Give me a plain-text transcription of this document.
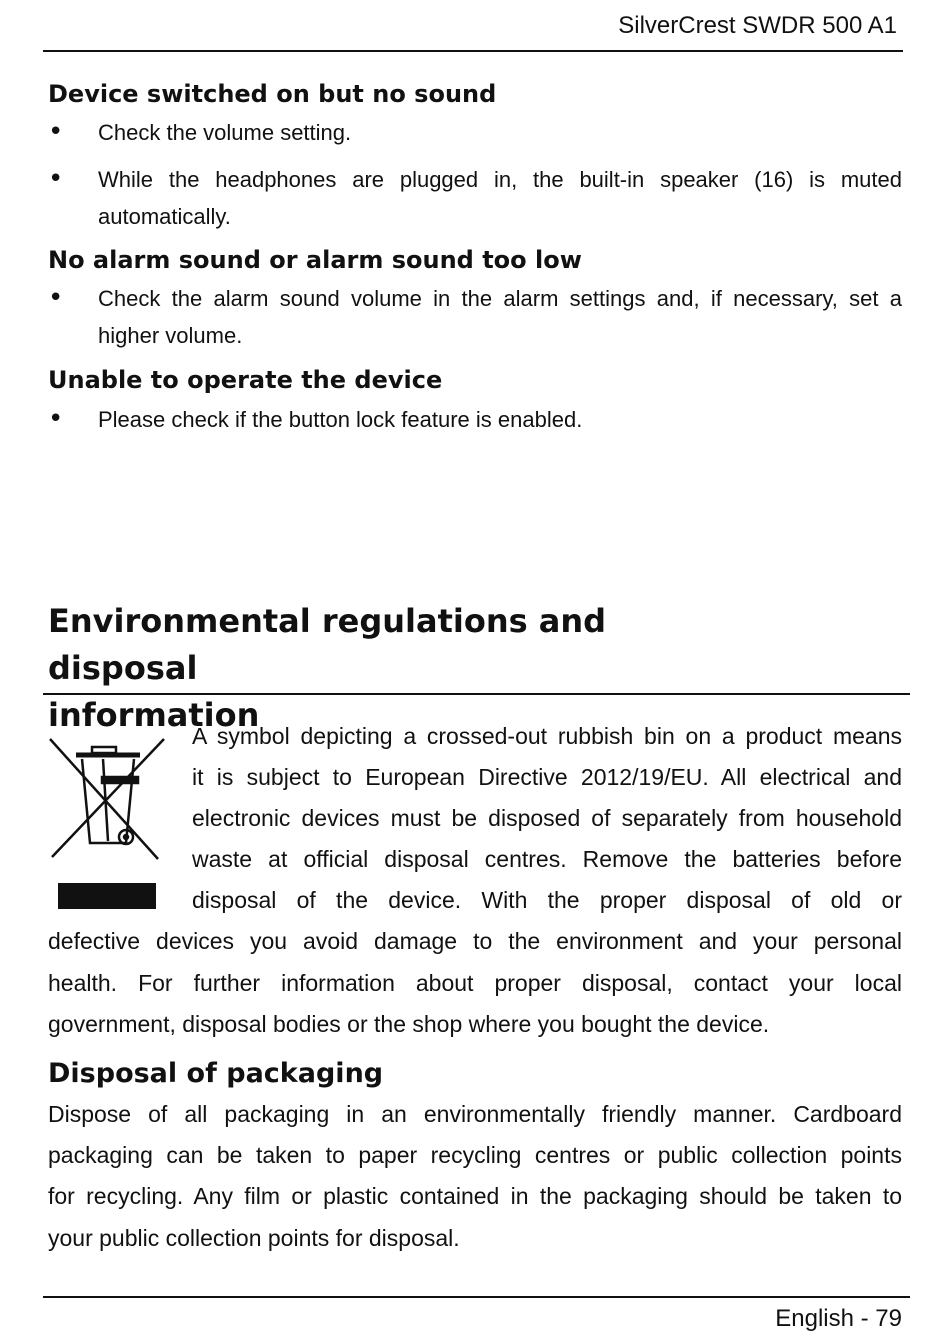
SilverCrest SWDR 500 A1
Device switched on but no sound
• Check the volume setting.
• While the headphones are plugged in, the built-in speaker (16) is muted automatically.
No alarm sound or alarm sound too low
• Check the alarm sound volume in the alarm settings and, if necessary, set a higher volume.
Unable to operate the device
• Please check if the button lock feature is enabled.
Environmental regulations and disposal
information
A symbol depicting a crossed-out rubbish bin on a product means
it is subject to European Directive 2012/19/EU. All electrical and
electronic devices must be disposed of separately from household
waste at official disposal centres. Remove the batteries before
disposal of the device. With the proper disposal of old or
defective devices you avoid damage to the environment and your personal
health. For further information about proper disposal, contact your local
government, disposal bodies or the shop where you bought the device.
Disposal of packaging
Dispose of all packaging in an environmentally friendly manner. Cardboard
packaging can be taken to paper recycling centres or public collection points
for recycling. Any film or plastic contained in the packaging should be taken to
your public collection points for disposal.
English - 79
